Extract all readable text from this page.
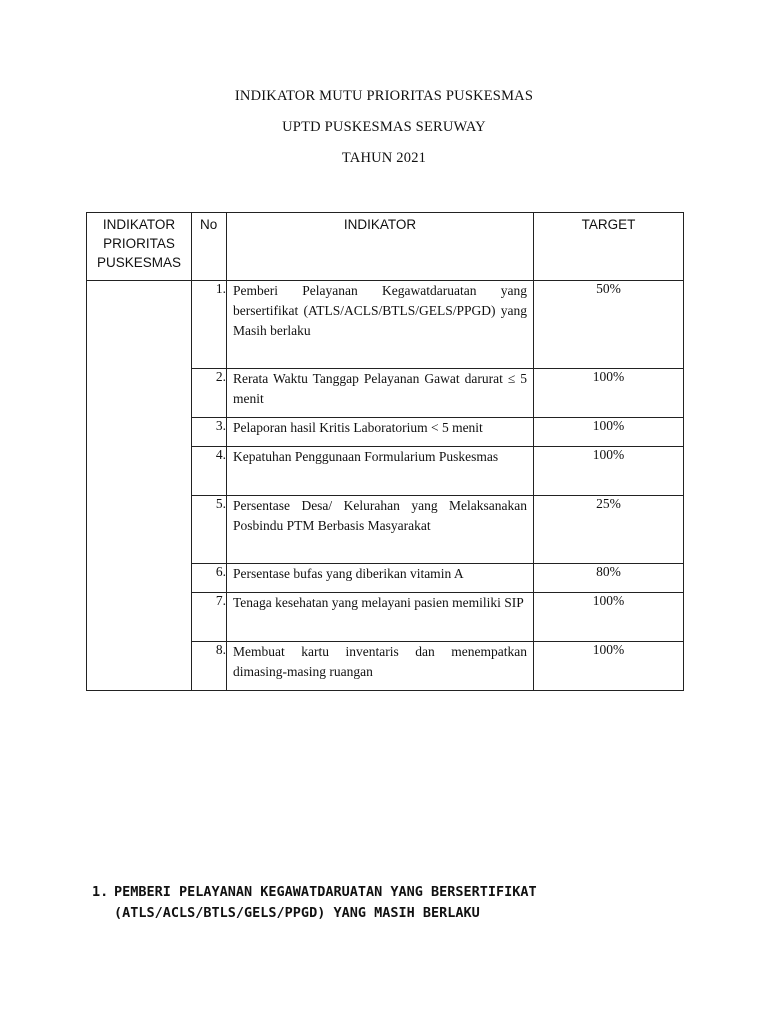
INDIKATOR MUTU PRIORITAS PUSKESMAS
UPTD PUSKESMAS SERUWAY
TAHUN 2021
INDIKATOR PRIORITAS PUSKESMAS	No	INDIKATOR	TARGET
	1.	Pemberi Pelayanan Kegawatdaruatan yang bersertifikat (ATLS/ACLS/BTLS/GELS/PPGD) yang Masih berlaku	50%
	2.	Rerata Waktu Tanggap Pelayanan Gawat darurat ≤ 5 menit	100%
	3.	Pelaporan hasil Kritis Laboratorium < 5 menit	100%
	4.	Kepatuhan Penggunaan Formularium Puskesmas	100%
	5.	Persentase Desa/ Kelurahan yang Melaksanakan Posbindu PTM Berbasis Masyarakat	25%
	6.	Persentase bufas yang diberikan vitamin A	80%
	7.	Tenaga kesehatan yang melayani pasien memiliki SIP	100%
	8.	Membuat kartu inventaris dan menempatkan dimasing-masing ruangan	100%
1. PEMBERI PELAYANAN KEGAWATDARUATAN YANG BERSERTIFIKAT
(ATLS/ACLS/BTLS/GELS/PPGD) YANG MASIH BERLAKU
